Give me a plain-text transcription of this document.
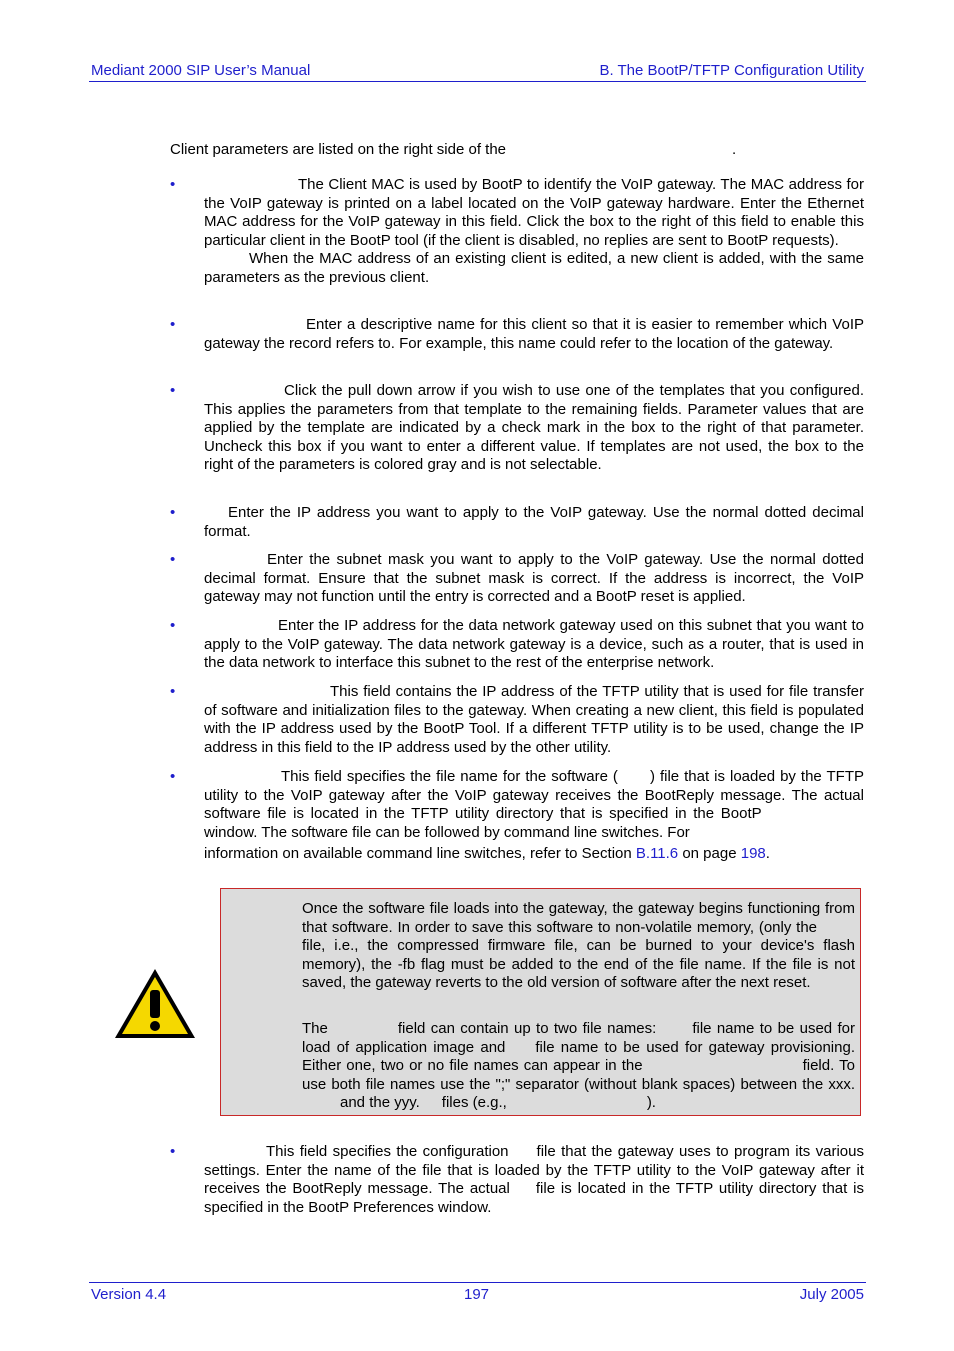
Mediant 2000 SIP User’s Manual	B. The BootP/TFTP Configuration Utility
Client parameters are listed on the right side of the	.
•	The Client MAC is used by BootP to identify the VoIP gateway. The MAC address for the VoIP gateway is printed on a label located on the VoIP gateway hardware. Enter the Ethernet MAC address for the VoIP gateway in this field. Click the box to the right of this field to enable this particular client in the BootP tool (if the client is disabled, no replies are sent to BootP requests).
When the MAC address of an existing client is edited, a new client is added, with the same parameters as the previous client.
•	Enter a descriptive name for this client so that it is easier to remember which VoIP gateway the record refers to. For example, this name could refer to the location of the gateway.
•	Click the pull down arrow if you wish to use one of the templates that you configured. This applies the parameters from that template to the remaining fields. Parameter values that are applied by the template are indicated by a check mark in the box to the right of that parameter. Uncheck this box if you want to enter a different value. If templates are not used, the box to the right of the parameters is colored gray and is not selectable.
•	Enter the IP address you want to apply to the VoIP gateway. Use the normal dotted decimal format.
•	Enter the subnet mask you want to apply to the VoIP gateway. Use the normal dotted decimal format. Ensure that the subnet mask is correct. If the address is incorrect, the VoIP gateway may not function until the entry is corrected and a BootP reset is applied.
•	Enter the IP address for the data network gateway used on this subnet that you want to apply to the VoIP gateway. The data network gateway is a device, such as a router, that is used in the data network to interface this subnet to the rest of the enterprise network.
•	This field contains the IP address of the TFTP utility that is used for file transfer of software and initialization files to the gateway. When creating a new client, this field is populated with the IP address used by the BootP Tool. If a different TFTP utility is to be used, change the IP address in this field to the IP address used by the other utility.
•	This field specifies the file name for the software ( ) file that is loaded by the TFTP utility to the VoIP gateway after the VoIP gateway receives the BootReply message. The actual software file is located in the TFTP utility directory that is specified in the BootP window. The software file can be followed by command line switches. For
information on available command line switches, refer to Section B.11.6 on page 198.
Once the software file loads into the gateway, the gateway begins functioning from that software. In order to save this software to non-volatile memory, (only thefile, i.e., the compressed firmware file, can be burned to your device's flash memory), the -fb flag must be added to the end of the file name. If the file is not saved, the gateway reverts to the old version of software after the next reset.
The	field can contain up to two file names: file name to be used for load of application image and file name to be used for gateway provisioning. Either one, two or no file names can appear in the	field. To use both file names use the ";" separator (without blank spaces) between the xxx.and the yyy. files (e.g.,	).
•	This field specifies the configuration file that the gateway uses to program its various settings. Enter the name of the file that is loaded by the TFTP utility to the VoIP gateway after it receives the BootReply message. The actual file is located in the TFTP utility directory that is specified in the BootP Preferences window.
Version 4.4	197	July 2005
